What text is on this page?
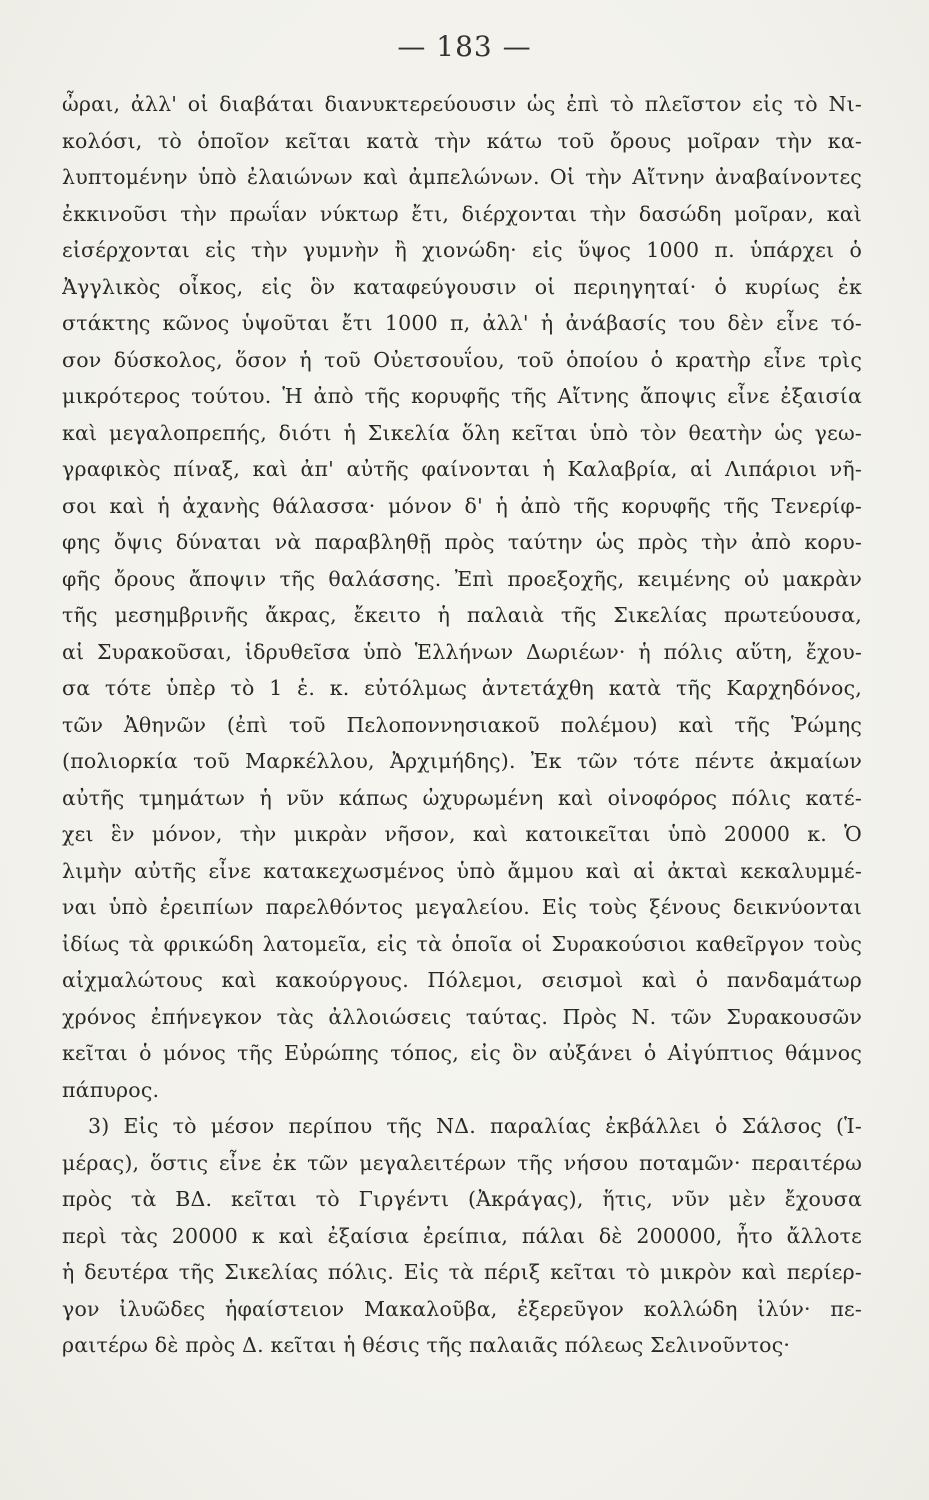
— 183 —
ὦραι, ἀλλ' οἱ διαβάται διανυκτερεύουσιν ὡς ἐπὶ τὸ πλεῖστον εἰς τὸ Νι-
κολόσι, τὸ ὁποῖον κεῖται κατὰ τὴν κάτω τοῦ ὄρους μοῖραν τὴν κα-
λυπτομένην ὑπὸ ἐλαιώνων καὶ ἀμπελώνων. Οἱ τὴν Αἴτνην ἀναβαίνοντες
ἐκκινοῦσι τὴν πρωΐαν νύκτωρ ἔτι, διέρχονται τὴν δασώδη μοῖραν, καὶ
εἰσέρχονται εἰς τὴν γυμνὴν ἢ χιονώδη· εἰς ὕψος 1000 π. ὑπάρχει ὁ
Ἀγγλικὸς οἶκος, εἰς ὃν καταφεύγουσιν οἱ περιηγηταί· ὁ κυρίως ἐκ
στάκτης κῶνος ὑψοῦται ἔτι 1000 π, ἀλλ' ἡ ἀνάβασίς του δὲν εἶνε τό-
σον δύσκολος, ὅσον ἡ τοῦ Οὐετσουΐου, τοῦ ὁποίου ὁ κρατὴρ εἶνε τρὶς
μικρότερος τούτου. Ἡ ἀπὸ τῆς κορυφῆς τῆς Αἴτνης ἄποψις εἶνε ἐξαισία
καὶ μεγαλοπρεπής, διότι ἡ Σικελία ὅλη κεῖται ὑπὸ τὸν θεατὴν ὡς γεω-
γραφικὸς πίναξ, καὶ ἀπ' αὐτῆς φαίνονται ἡ Καλαβρία, αἱ Λιπάριοι νῆ-
σοι καὶ ἡ ἀχανὴς θάλασσα· μόνον δ' ἡ ἀπὸ τῆς κορυφῆς τῆς Τενερίφ-
φης ὄψις δύναται νὰ παραβληθῇ πρὸς ταύτην ὡς πρὸς τὴν ἀπὸ κορυ-
φῆς ὄρους ἄποψιν τῆς θαλάσσης. Ἐπὶ προεξοχῆς, κειμένης οὐ μακρὰν
τῆς μεσημβρινῆς ἄκρας, ἔκειτο ἡ παλαιὰ τῆς Σικελίας πρωτεύουσα,
αἱ Συρακοῦσαι, ἱδρυθεῖσα ὑπὸ Ἑλλήνων Δωριέων· ἡ πόλις αὕτη, ἔχου-
σα τότε ὑπὲρ τὸ 1 ἑ. κ. εὐτόλμως ἀντετάχθη κατὰ τῆς Καρχηδόνος,
τῶν Ἀθηνῶν (ἐπὶ τοῦ Πελοποννησιακοῦ πολέμου) καὶ τῆς Ῥώμης
(πολιορκία τοῦ Μαρκέλλου, Ἀρχιμήδης). Ἐκ τῶν τότε πέντε ἀκμαίων
αὐτῆς τμημάτων ἡ νῦν κάπως ὠχυρωμένη καὶ οἰνοφόρος πόλις κατέ-
χει ἓν μόνον, τὴν μικρὰν νῆσον, καὶ κατοικεῖται ὑπὸ 20000 κ. Ὁ
λιμὴν αὐτῆς εἶνε κατακεχωσμένος ὑπὸ ἄμμου καὶ αἱ ἀκταὶ κεκαλυμμέ-
ναι ὑπὸ ἐρειπίων παρελθόντος μεγαλείου. Εἰς τοὺς ξένους δεικνύονται
ἰδίως τὰ φρικώδη λατομεῖα, εἰς τὰ ὁποῖα οἱ Συρακούσιοι καθεῖργον τοὺς
αἰχμαλώτους καὶ κακούργους. Πόλεμοι, σεισμοὶ καὶ ὁ πανδαμάτωρ
χρόνος ἐπήνεγκον τὰς ἀλλοιώσεις ταύτας. Πρὸς Ν. τῶν Συρακουσῶν
κεῖται ὁ μόνος τῆς Εὐρώπης τόπος, εἰς ὃν αὐξάνει ὁ Αἰγύπτιος θάμνος
πάπυρος.
3) Εἰς τὸ μέσον περίπου τῆς ΝΔ. παραλίας ἐκβάλλει ὁ Σάλσος (Ἱ-
μέρας), ὅστις εἶνε ἐκ τῶν μεγαλειτέρων τῆς νήσου ποταμῶν· περαιτέρω
πρὸς τὰ ΒΔ. κεῖται τὸ Γιργέντι (Ἀκράγας), ἥτις, νῦν μὲν ἔχουσα
περὶ τὰς 20000 κ καὶ ἐξαίσια ἐρείπια, πάλαι δὲ 200000, ἦτο ἄλλοτε
ἡ δευτέρα τῆς Σικελίας πόλις. Εἰς τὰ πέριξ κεῖται τὸ μικρὸν καὶ περίερ-
γον ἰλυῶδες ἡφαίστειον Μακαλοῦβα, ἐξερεῦγον κολλώδη ἰλύν· πε-
ραιτέρω δὲ πρὸς Δ. κεῖται ἡ θέσις τῆς παλαιᾶς πόλεως Σελινοῦντος·
